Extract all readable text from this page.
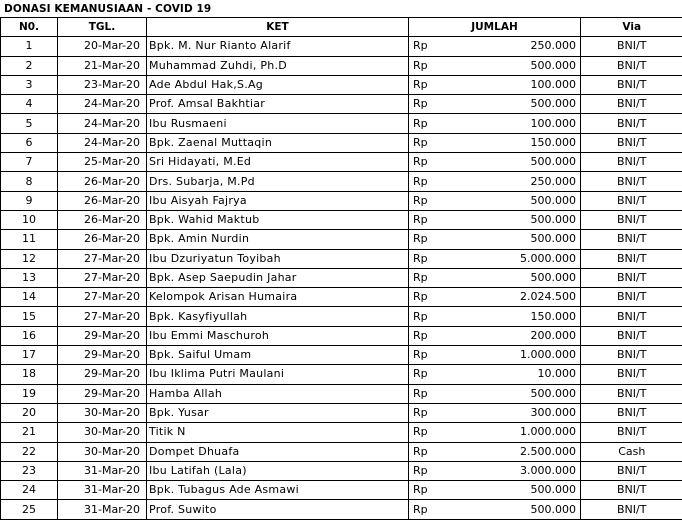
DONASI KEMANUSIAAN - COVID 19
N0.	TGL.	KET	JUMLAH		Via
1	20-Mar-20	Bpk. M. Nur Rianto Alarif	Rp	250.000	BNI/T
2	21-Mar-20	Muhammad Zuhdi, Ph.D	Rp	500.000	BNI/T
3	23-Mar-20	Ade Abdul Hak,S.Ag	Rp	100.000	BNI/T
4	24-Mar-20	Prof. Amsal Bakhtiar	Rp	500.000	BNI/T
5	24-Mar-20	Ibu Rusmaeni	Rp	100.000	BNI/T
6	24-Mar-20	Bpk. Zaenal Muttaqin	Rp	150.000	BNI/T
7	25-Mar-20	Sri Hidayati, M.Ed	Rp	500.000	BNI/T
8	26-Mar-20	Drs. Subarja, M.Pd	Rp	250.000	BNI/T
9	26-Mar-20	Ibu Aisyah Fajrya	Rp	500.000	BNI/T
10	26-Mar-20	Bpk. Wahid Maktub	Rp	500.000	BNI/T
11	26-Mar-20	Bpk. Amin Nurdin	Rp	500.000	BNI/T
12	27-Mar-20	Ibu Dzuriyatun Toyibah	Rp	5.000.000	BNI/T
13	27-Mar-20	Bpk. Asep Saepudin Jahar	Rp	500.000	BNI/T
14	27-Mar-20	Kelompok Arisan Humaira	Rp	2.024.500	BNI/T
15	27-Mar-20	Bpk. Kasyfiyullah	Rp	150.000	BNI/T
16	29-Mar-20	Ibu Emmi Maschuroh	Rp	200.000	BNI/T
17	29-Mar-20	Bpk. Saiful Umam	Rp	1.000.000	BNI/T
18	29-Mar-20	Ibu Iklima Putri Maulani	Rp	10.000	BNI/T
19	29-Mar-20	Hamba Allah	Rp	500.000	BNI/T
20	30-Mar-20	Bpk. Yusar	Rp	300.000	BNI/T
21	30-Mar-20	Titik N	Rp	1.000.000	BNI/T
22	30-Mar-20	Dompet Dhuafa	Rp	2.500.000	Cash
23	31-Mar-20	Ibu Latifah (Lala)	Rp	3.000.000	BNI/T
24	31-Mar-20	Bpk. Tubagus Ade Asmawi	Rp	500.000	BNI/T
25	31-Mar-20	Prof. Suwito	Rp	500.000	BNI/T
